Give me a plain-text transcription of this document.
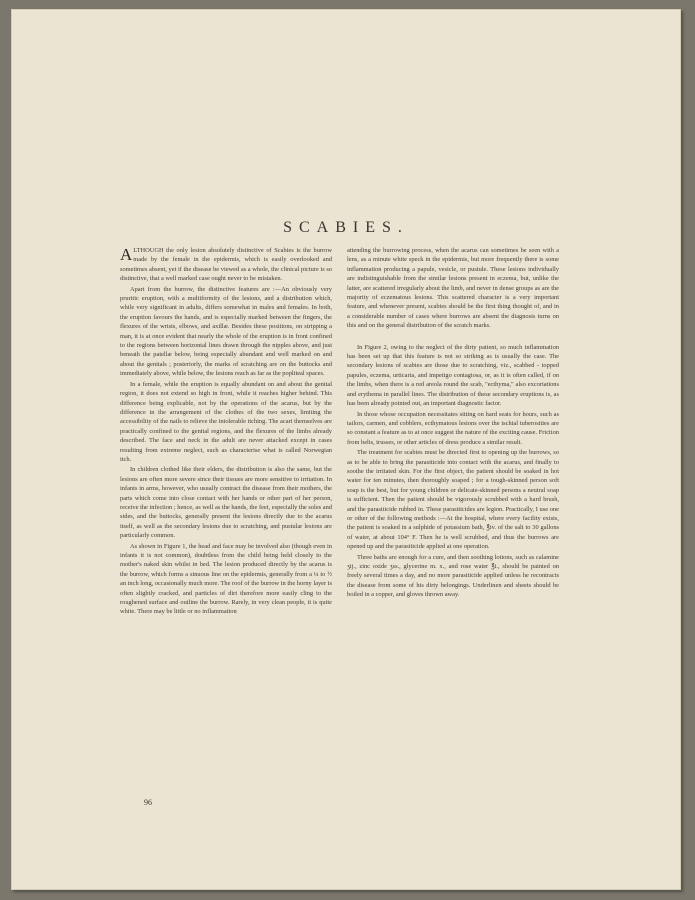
SCABIES.

ALTHOUGH the only lesion absolutely distinctive of Scabies is the burrow made by the female in the epidermis, which is easily overlooked and sometimes absent, yet if the disease be viewed as a whole, the clinical picture is so distinctive, that a well marked case ought never to be mistaken.

Apart from the burrow, the distinctive features are :—An obviously very pruritic eruption, with a multiformity of the lesions, and a distribution which, while very significant in adults, differs somewhat in males and females. In both, the eruption favours the hands, and is especially marked between the fingers, the flexures of the wrists, elbows, and axillæ. Besides these positions, on stripping a man, it is at once evident that nearly the whole of the eruption is in front confined to the regions between horizontal lines drawn through the nipples above, and just beneath the patellæ below, being especially abundant and well marked on and about the genitals ; posteriorly, the marks of scratching are on the buttocks and immediately above, while below, the lesions reach as far as the popliteal spaces.

In a female, while the eruption is equally abundant on and about the genital region, it does not extend so high in front, while it reaches higher behind. This difference being explicable, not by the operations of the acarus, but by the difference in the arrangement of the clothes of the two sexes, limiting the accessibility of the nails to relieve the intolerable itching. The acari themselves are practically confined to the genital regions, and the flexures of the limbs already described. The face and neck in the adult are never attacked except in cases resulting from extreme neglect, such as characterise what is called Norwegian itch.

In children clothed like their elders, the distribution is also the same, but the lesions are often more severe since their tissues are more sensitive to irritation. In infants in arms, however, who usually contract the disease from their mothers, the parts which come into close contact with her hands or other part of her person, receive the infection ; hence, as well as the hands, the feet, especially the soles and sides, and the buttocks, generally present the lesions directly due to the acarus itself, as well as the secondary lesions due to scratching, and pustular lesions are particularly common.

As shown in Figure 1, the head and face may be involved also (though even in infants it is not common), doubtless from the child being held closely to the mother's naked skin whilst in bed. The lesion produced directly by the acarus is the burrow, which forms a sinuous line on the epidermis, generally from a ¼ to ½ an inch long, occasionally much more. The roof of the burrow in the horny layer is often slightly cracked, and particles of dirt therefore more easily cling to the roughened surface and outline the burrow. Rarely, in very clean people, it is quite white. There may be little or no inflammation

attending the burrowing process, when the acarus can sometimes be seen with a lens, as a minute white speck in the epidermis, but more frequently there is some inflammation producing a papule, vesicle, or pustule. These lesions individually are indistinguishable from the similar lesions present in eczema, but, unlike the latter, are scattered irregularly about the limb, and never in dense groups as are the majority of eczematous lesions. This scattered character is a very important feature, and whenever present, scabies should be the first thing thought of, and in a considerable number of cases where burrows are absent the diagnosis turns on this and on the general distribution of the scratch marks.

In Figure 2, owing to the neglect of the dirty patient, so much inflammation has been set up that this feature is not so striking as is usually the case. The secondary lesions of scabies are those due to scratching, viz., scabbed - topped papules, eczema, urticaria, and impetigo contagiosa, or, as it is often called, if on the limbs, when there is a red areola round the scab, "ecthyma," also excoriations and erythema in parallel lines. The distribution of these secondary eruptions is, as has been already pointed out, an important diagnostic factor.

In those whose occupation necessitates sitting on hard seats for hours, such as tailors, carmen, and cobblers, ecthymatous lesions over the ischial tuberosities are so constant a feature as to at once suggest the nature of the exciting cause. Friction from belts, trusses, or other articles of dress produce a similar result.

The treatment for scabies must be directed first to opening up the burrows, so as to be able to bring the parasiticide into contact with the acarus, and finally to soothe the irritated skin. For the first object, the patient should be soaked in hot water for ten minutes, then thoroughly soaped ; for a tough-skinned person soft soap is the best, but for young children or delicate-skinned persons a neutral soap is sufficient. Then the patient should be vigorously scrubbed with a hard brush, and the parasiticide rubbed in. These parasiticides are legion. Practically, I use one or other of the following methods :—At the hospital, where every facility exists, the patient is soaked in a sulphide of potassium bath, ℥iv. of the salt to 30 gallons of water, at about 104° F. Then he is well scrubbed, and thus the burrows are opened up and the parasiticide applied at one operation.

Three baths are enough for a cure, and then soothing lotions, such as calamine ʒij., zinc oxide ʒss., glycerine m. x., and rose water ℥i., should be painted on freely several times a day, and no more parasiticide applied unless he recontracts the disease from some of his dirty belongings. Underlinen and sheets should be boiled in a copper, and gloves thrown away.

96
